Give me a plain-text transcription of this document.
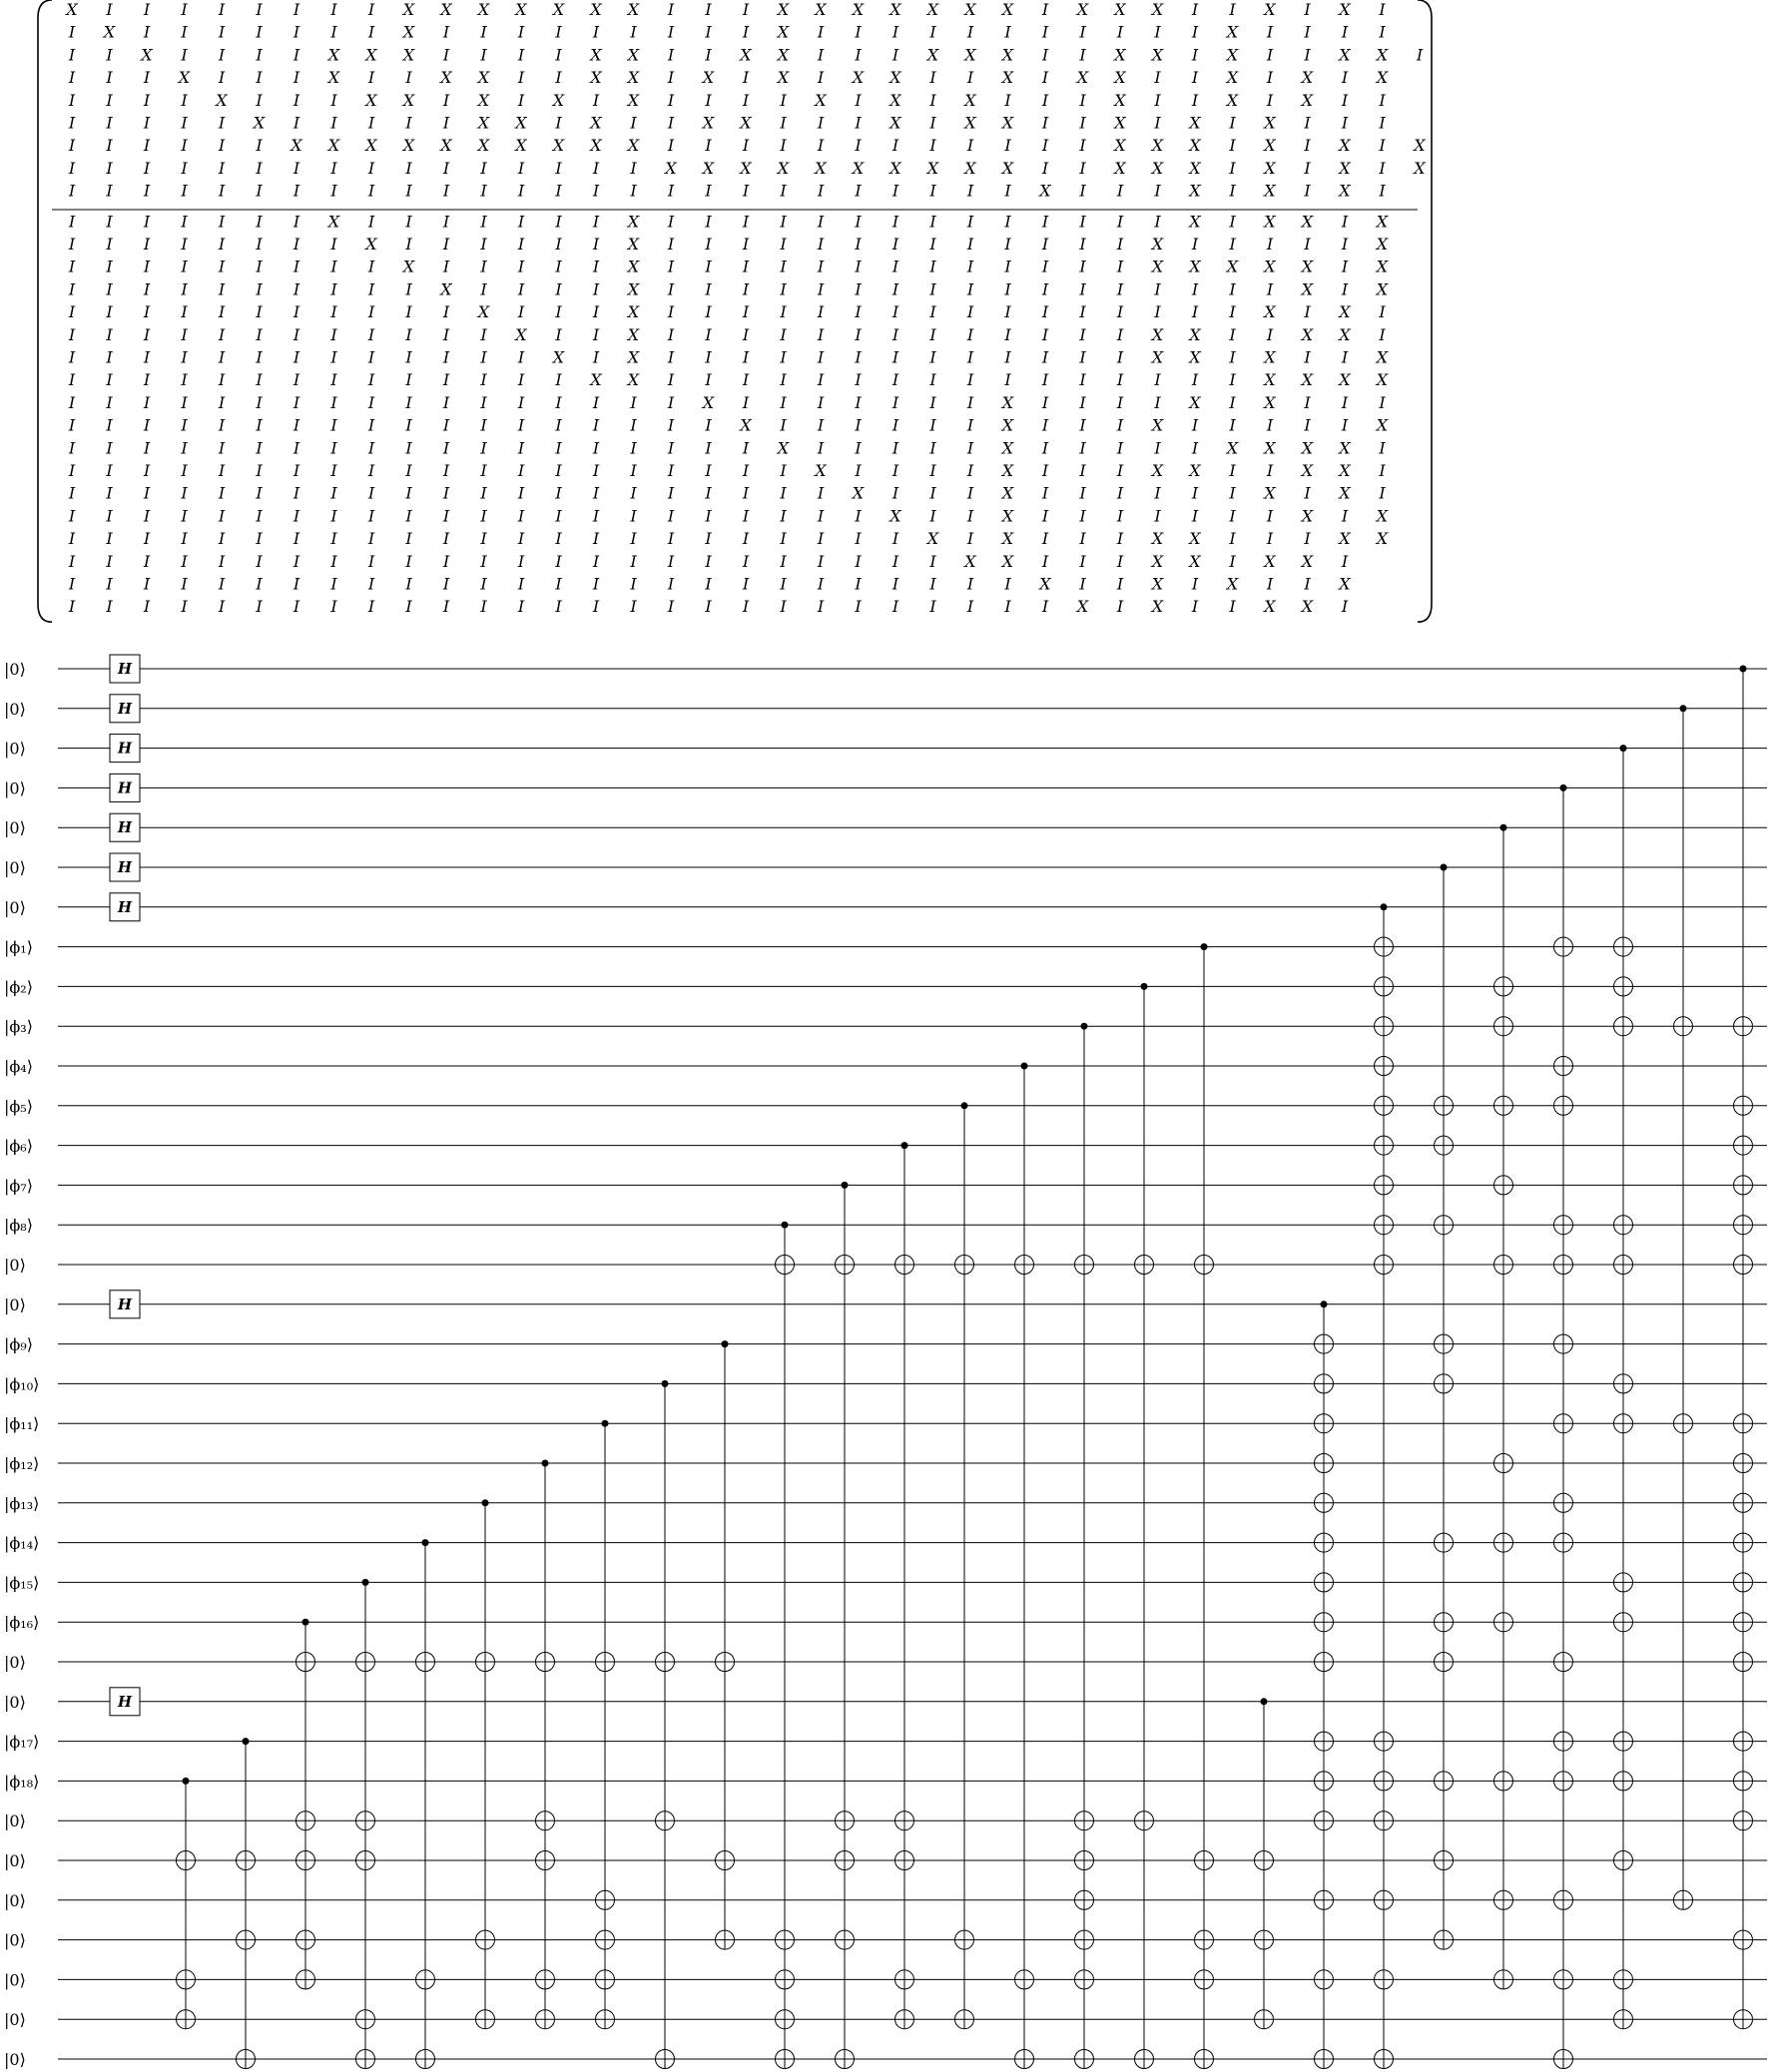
X I I I I I I I I X X X X X X X I I I X X X X X X X I X X X I I X I X I
I X I I I I I I I X I I I I I I I I I X I I I I I I I I I I I X I I I I
I I X I I I I X X X I I I I X X I I X X I I I X X X I I X X I X I I X X I
I I I X I I I X I I X X I I X X I X I X I X X I I X I X X I I X I X I X
I I I I X I I I X X I X I X I X I I I I X I X I X I I I X I I X I X I I
I I I I I X I I I I I X X I X I I X X I I I X I X X I I X I X I X I I I
I I I I I I X X X X X X X X X X I I I I I I I I I I I I X X X I X I X I X
I I I I I I I I I I I I I I I I X X X X X X X X X X I I X X X I X I X I X
I I I I I I I I I I I I I I I I I I I I I I I I I I X I I I X I X I X I
I I I I I I I X I I I I I I I X I I I I I I I I I I I I I I X I X X I X
I I I I I I I I X I I I I I I X I I I I I I I I I I I I I X I I I I I X
I I I I I I I I I X I I I I I X I I I I I I I I I I I I I X X X X X I X
I I I I I I I I I I X I I I I X I I I I I I I I I I I I I I I I I X I X
I I I I I I I I I I I X I I I X I I I I I I I I I I I I I I I I X I X I
I I I I I I I I I I I I X I I X I I I I I I I I I I I I I X X I I X X I
I I I I I I I I I I I I I X I X I I I I I I I I I I I I I X X I X I I X
I I I I I I I I I I I I I I X X I I I I I I I I I I I I I I I I X X X X
I I I I I I I I I I I I I I I I I X I I I I I I I X I I I I X I X I I I
I I I I I I I I I I I I I I I I I I X I I I I I I X I I I X I I I I I X
I I I I I I I I I I I I I I I I I I I X I I I I I X I I I I I X X X X I
I I I I I I I I I I I I I I I I I I I I X I I I I X I I I X X I I X X I
I I I I I I I I I I I I I I I I I I I I I X I I I X I I I I I I X I X I
I I I I I I I I I I I I I I I I I I I I I I X I I X I I I I I I I X I X
I I I I I I I I I I I I I I I I I I I I I I I X I X I I I X X I I I X X
I I I I I I I I I I I I I I I I I I I I I I I I X X I I I X X I X X I
I I I I I I I I I I I I I I I I I I I I I I I I I I X I I X I X I I X
I I I I I I I I I I I I I I I I I I I I I I I I I I I X I X I I X X I
|0⟩
|0⟩
|0⟩
|0⟩
|0⟩
|0⟩
|0⟩
|ϕ₁⟩
|ϕ₂⟩
|ϕ₃⟩
|ϕ₄⟩
|ϕ₅⟩
|ϕ₆⟩
|ϕ₇⟩
|ϕ₈⟩
|0⟩
|0⟩
|ϕ₉⟩
|ϕ₁₀⟩
|ϕ₁₁⟩
|ϕ₁₂⟩
|ϕ₁₃⟩
|ϕ₁₄⟩
|ϕ₁₅⟩
|ϕ₁₆⟩
|0⟩
|0⟩
|ϕ₁₇⟩
|ϕ₁₈⟩
|0⟩
|0⟩
|0⟩
|0⟩
|0⟩
|0⟩
|0⟩
H
H
H
H
H
H
H
H
H
